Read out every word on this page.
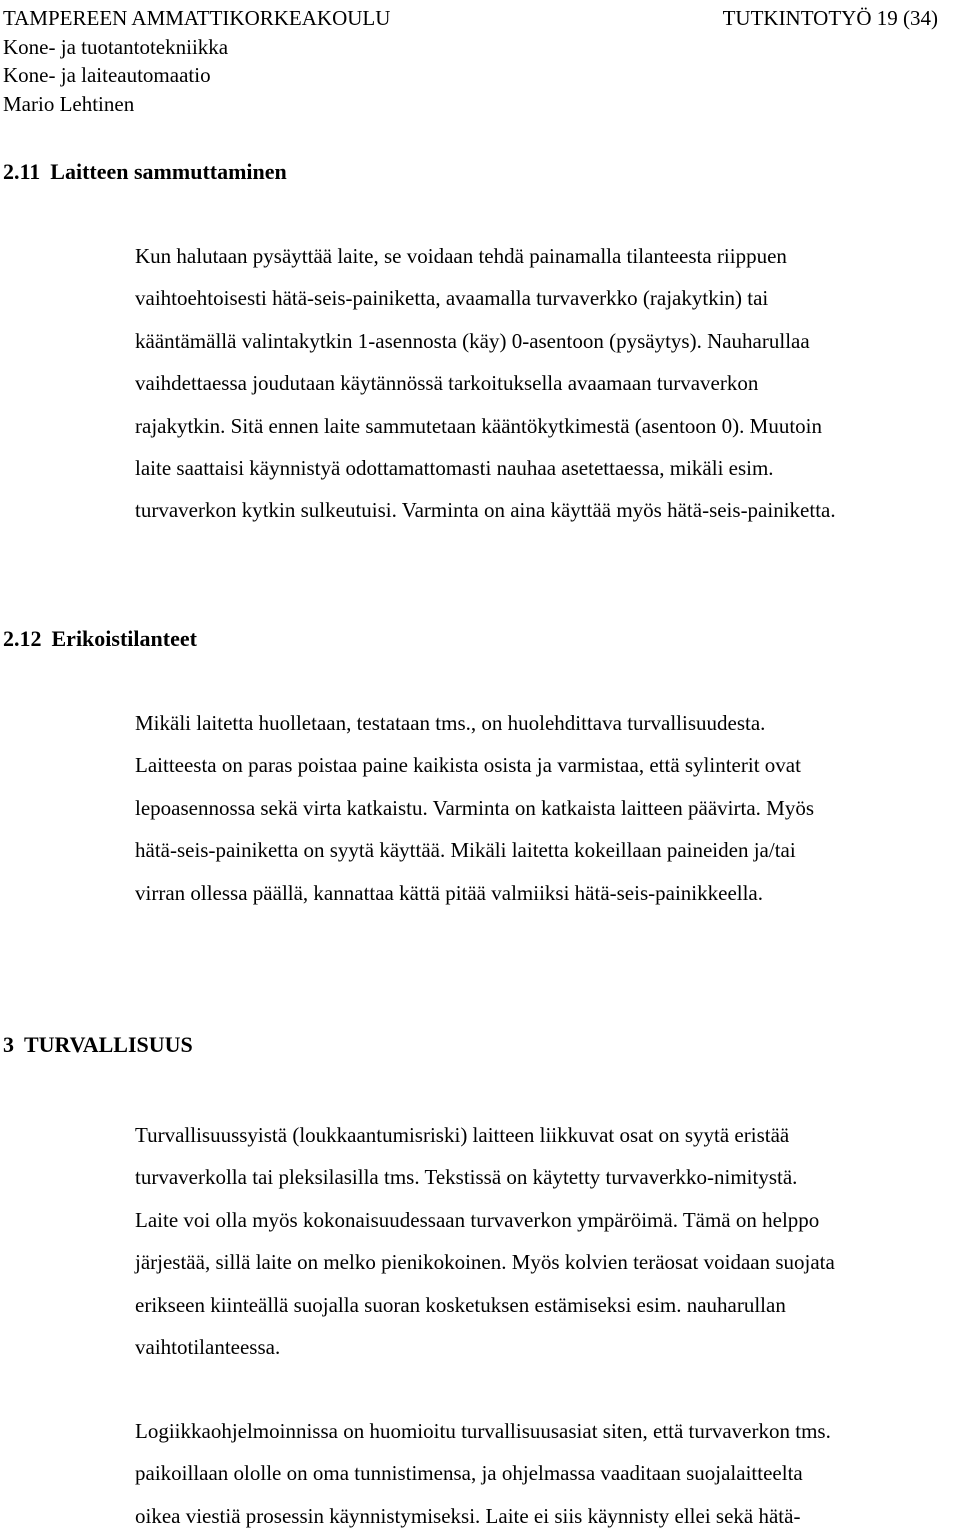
TAMPEREEN AMMATTIKORKEAKOULU	TUTKINTOTYÖ 19 (34)
Kone- ja tuotantotekniikka
Kone- ja laiteautomaatio
Mario Lehtinen
2.11 Laitteen sammuttaminen

Kun halutaan pysäyttää laite, se voidaan tehdä painamalla tilanteesta riippuen
vaihtoehtoisesti hätä-seis-painiketta, avaamalla turvaverkko (rajakytkin) tai
kääntämällä valintakytkin 1-asennosta (käy) 0-asentoon (pysäytys). Nauharullaa
vaihdettaessa joudutaan käytännössä tarkoituksella avaamaan turvaverkon
rajakytkin. Sitä ennen laite sammutetaan kääntökytkimestä (asentoon 0). Muutoin
laite saattaisi käynnistyä odottamattomasti nauhaa asetettaessa, mikäli esim.
turvaverkon kytkin sulkeutuisi. Varminta on aina käyttää myös hätä-seis-painiketta.

2.12 Erikoistilanteet

Mikäli laitetta huolletaan, testataan tms., on huolehdittava turvallisuudesta.
Laitteesta on paras poistaa paine kaikista osista ja varmistaa, että sylinterit ovat
lepoasennossa sekä virta katkaistu. Varminta on katkaista laitteen päävirta. Myös
hätä-seis-painiketta on syytä käyttää. Mikäli laitetta kokeillaan paineiden ja/tai
virran ollessa päällä, kannattaa kättä pitää valmiiksi hätä-seis-painikkeella.

3 TURVALLISUUS

Turvallisuussyistä (loukkaantumisriski) laitteen liikkuvat osat on syytä eristää
turvaverkolla tai pleksilasilla tms. Tekstissä on käytetty turvaverkko-nimitystä.
Laite voi olla myös kokonaisuudessaan turvaverkon ympäröimä. Tämä on helppo
järjestää, sillä laite on melko pienikokoinen. Myös kolvien teräosat voidaan suojata
erikseen kiinteällä suojalla suoran kosketuksen estämiseksi esim. nauharullan
vaihtotilanteessa.

Logiikkaohjelmoinnissa on huomioitu turvallisuusasiat siten, että turvaverkon tms.
paikoillaan ololle on oma tunnistimensa, ja ohjelmassa vaaditaan suojalaitteelta
oikea viestiä prosessin käynnistymiseksi. Laite ei siis käynnisty ellei sekä hätä-
